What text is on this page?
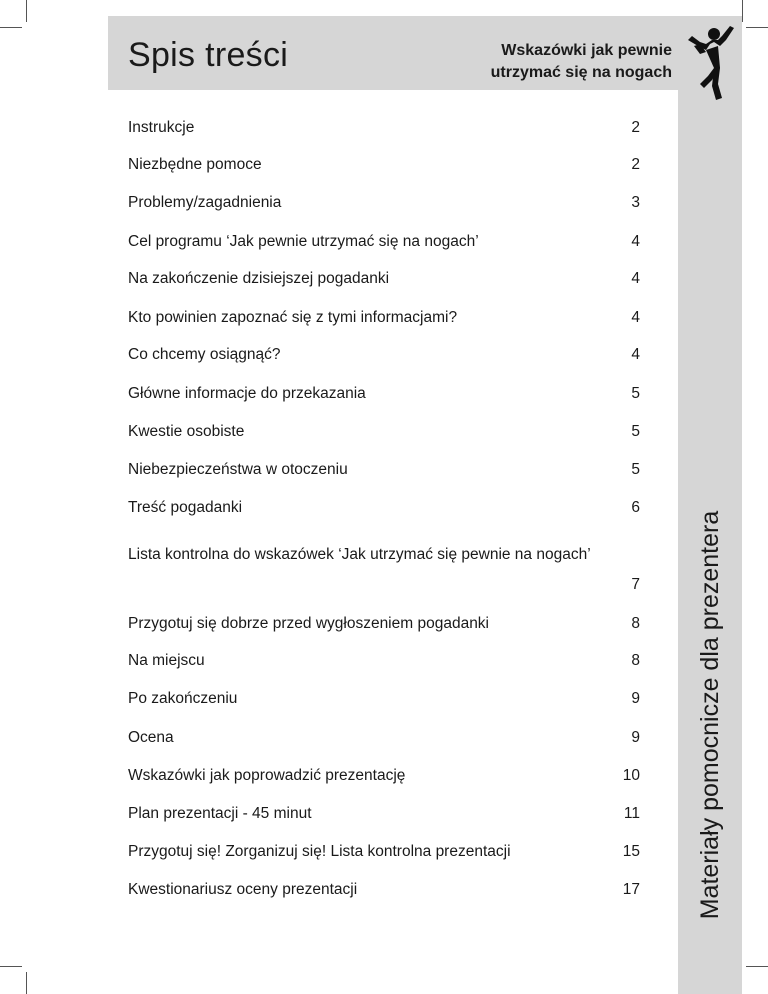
Spis treści	Wskazówki jak pewnie
utrzymać się na nogach
Materiały pomocnicze dla prezentera
Instrukcje	2
Niezbędne pomoce	2
Problemy/zagadnienia	3
Cel programu ‘Jak pewnie utrzymać się na nogach’	4
Na zakończenie dzisiejszej pogadanki	4
Kto powinien zapoznać się z tymi informacjami?	4
Co chcemy osiągnąć?	4
Główne informacje do przekazania	5
Kwestie osobiste	5
Niebezpieczeństwa w otoczeniu	5
Treść pogadanki	6
Lista kontrolna do wskazówek ‘Jak utrzymać się pewnie na nogach’
7
Przygotuj się dobrze przed wygłoszeniem pogadanki	8
Na miejscu	8
Po zakończeniu	9
Ocena	9
Wskazówki jak poprowadzić prezentację	10
Plan prezentacji - 45 minut	11
Przygotuj się! Zorganizuj się! Lista kontrolna prezentacji	15
Kwestionariusz oceny prezentacji	17
